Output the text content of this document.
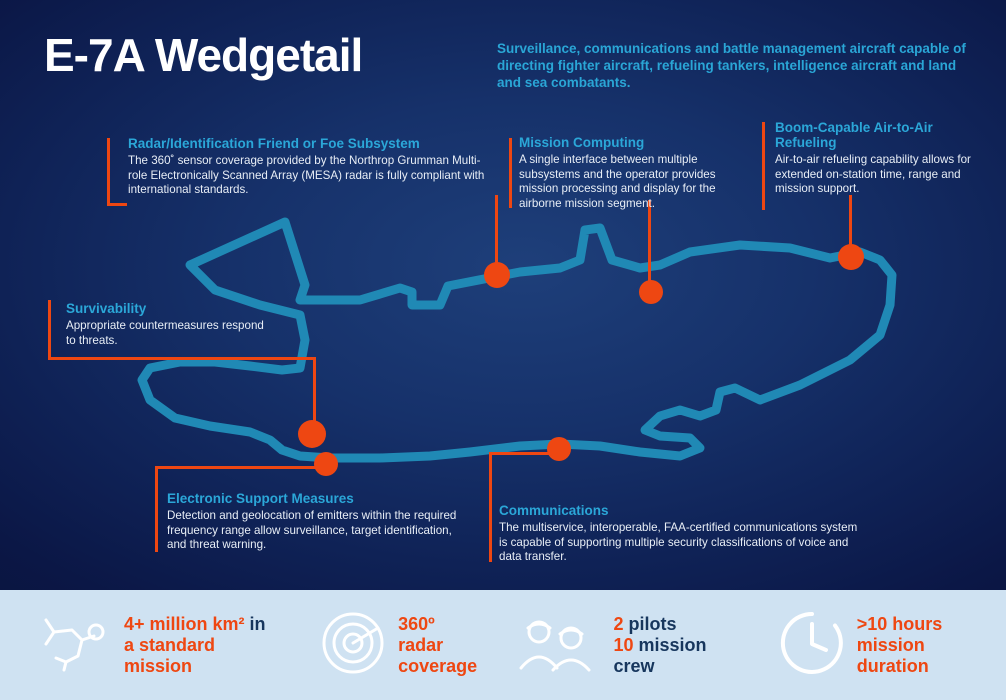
E-7A Wedgetail	Surveillance, communications and battle management aircraft capable of directing fighter aircraft, refueling tankers, intelligence aircraft and land and sea combatants.
Radar/Identification Friend or Foe Subsystem
The 360˚ sensor coverage provided by the Northrop Grumman Multi-role Electronically Scanned Array (MESA) radar is fully compliant with international standards.
Mission Computing
A single interface between multiple subsystems and the operator provides mission processing and display for the airborne mission segment.
Boom-Capable Air-to-Air Refueling
Air-to-air refueling capability allows for extended on-station time, range and mission support.
Survivability
Appropriate countermeasures respond to threats.
Electronic Support Measures
Detection and geolocation of emitters within the required frequency range allow surveillance, target identification, and threat warning.
Communications
The multiservice, interoperable, FAA-certified communications system is capable of supporting multiple security classifications of voice and data transfer.
4+ million km² in
a standard mission
360º radar
coverage
2 pilots
10 mission crew
>10 hours
mission duration
